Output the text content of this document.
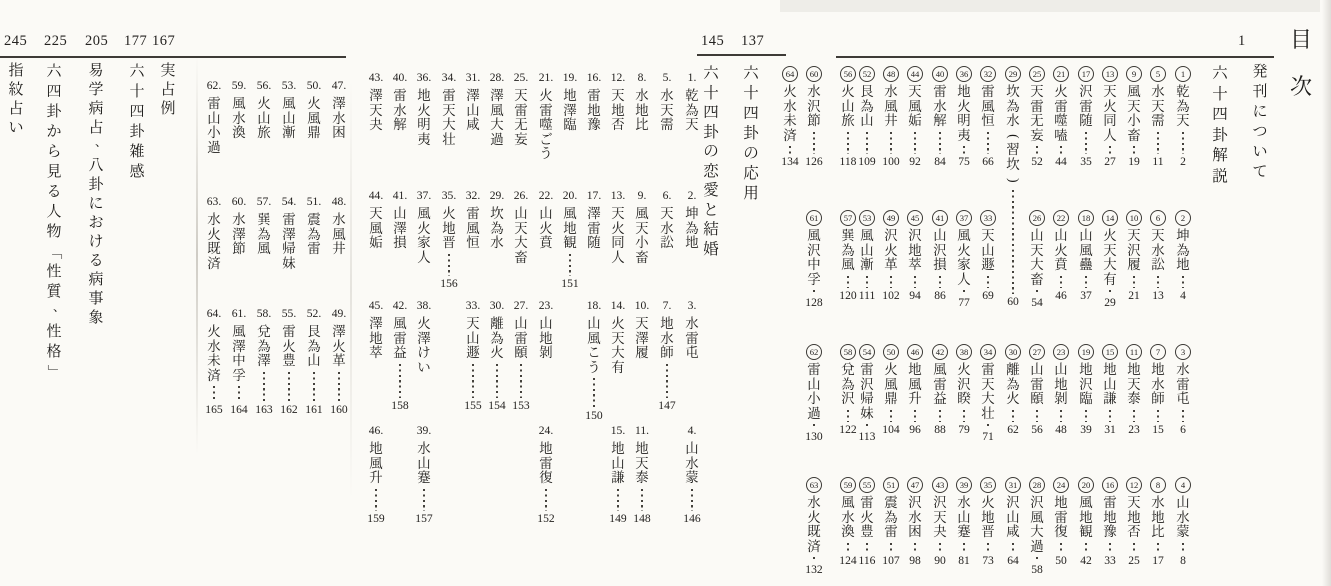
目
次
発
刊
に
つ
い
て
1
六
十
四
卦
解
説
六
十
四
卦
の
応
用
137
六
十
四
卦
の
恋
愛
と
結
婚
145
実
占
例
167
六
十
四
卦
雑
感
177
易
学
病
占
、
八
卦
に
お
け
る
病
事
象
205
六
四
卦
か
ら
見
る
人
物
「
性
質
、
性
格
」
225
指
紋
占
い
245
1
乾
為
天
2
2
坤
為
地
4
3
水
雷
屯
6
4
山
水
蒙
8
5
水
天
需
11
6
天
水
訟
13
7
地
水
師
15
8
水
地
比
17
9
風
天
小
畜
19
10
天
沢
履
21
11
地
天
泰
23
12
天
地
否
25
13
天
火
同
人
27
14
火
天
大
有
29
15
地
山
謙
31
16
雷
地
豫
33
17
沢
雷
随
35
18
山
風
蠱
37
19
地
沢
臨
39
20
風
地
観
42
21
火
雷
噬
嗑
44
22
山
火
賁
46
23
山
地
剝
48
24
地
雷
復
50
25
天
雷
无
妄
52
26
山
天
大
畜
54
27
山
雷
頤
56
28
沢
風
大
過
58
29
坎
為
水
(
習
坎
)
60
30
離
為
火
62
31
沢
山
咸
64
32
雷
風
恒
66
33
天
山
遯
69
34
雷
天
大
壮
71
35
火
地
晋
73
36
地
火
明
夷
75
37
風
火
家
人
77
38
火
沢
睽
79
39
水
山
蹇
81
40
雷
水
解
84
41
山
沢
損
86
42
風
雷
益
88
43
沢
天
夬
90
44
天
風
姤
92
45
沢
地
萃
94
46
地
風
升
96
47
沢
水
困
98
48
水
風
井
100
49
沢
火
革
102
50
火
風
鼎
104
51
震
為
雷
107
52
艮
為
山
109
53
風
山
漸
111
54
雷
沢
帰
妹
113
55
雷
火
豊
116
56
火
山
旅
118
57
巽
為
風
120
58
兌
為
沢
122
59
風
水
渙
124
60
水
沢
節
126
61
風
沢
中
孚
128
62
雷
山
小
過
130
63
水
火
既
済
132
64
火
水
未
済
134
1.
乾
為
天
2.
坤
為
地
3.
水
雷
屯
4.
山
水
蒙
146
5.
水
天
需
6.
天
水
訟
7.
地
水
師
147
8.
水
地
比
9.
風
天
小
畜
10.
天
澤
履
11.
地
天
泰
148
12.
天
地
否
13.
天
火
同
人
14.
火
天
大
有
15.
地
山
謙
149
16.
雷
地
豫
17.
澤
雷
随
18.
山
風
こ
う
150
19.
地
澤
臨
20.
風
地
観
151
21.
火
雷
噬
ご
う
22.
山
火
賁
23.
山
地
剝
24.
地
雷
復
152
25.
天
雷
无
妄
26.
山
天
大
畜
27.
山
雷
頤
153
28.
澤
風
大
過
29.
坎
為
水
30.
離
為
火
154
31.
澤
山
咸
32.
雷
風
恒
33.
天
山
遯
155
34.
雷
天
大
壮
35.
火
地
晋
156
36.
地
火
明
夷
37.
風
火
家
人
38.
火
澤
け
い
39.
水
山
蹇
157
40.
雷
水
解
41.
山
澤
損
42.
風
雷
益
158
43.
澤
天
夬
44.
天
風
姤
45.
澤
地
萃
46.
地
風
升
159
47.
澤
水
困
48.
水
風
井
49.
澤
火
革
160
50.
火
風
鼎
51.
震
為
雷
52.
艮
為
山
161
53.
風
山
漸
54.
雷
澤
帰
妹
55.
雷
火
豊
162
56.
火
山
旅
57.
巽
為
風
58.
兌
為
澤
163
59.
風
水
渙
60.
水
澤
節
61.
風
澤
中
孚
164
62.
雷
山
小
過
63.
水
火
既
済
64.
火
水
未
済
165
